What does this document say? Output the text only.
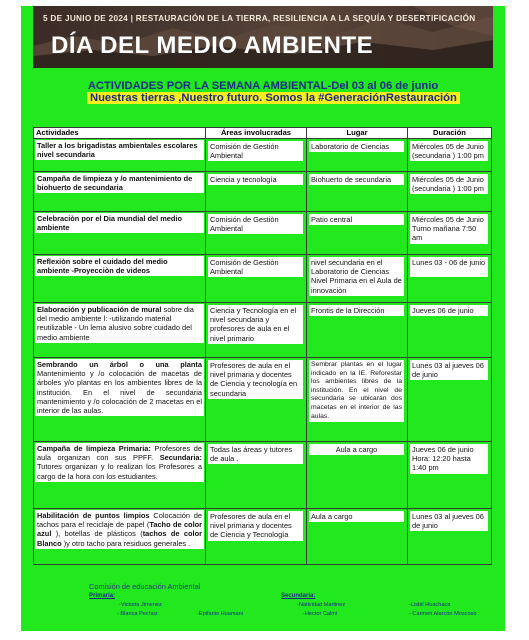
5 DE JUNIO DE 2024 | RESTAURACIÓN DE LA TIERRA, RESILIENCIA A LA SEQUÍA Y DESERTIFICACIÓN
DÍA DEL MEDIO AMBIENTE
ACTIVIDADES POR LA SEMANA AMBIENTAL-Del 03 al 06 de junio
Nuestras tierras ,Nuestro futuro. Somos la #GeneraciónRestauración
Actividades	Áreas involucradas	Lugar	Duración

Taller a los brigadistas ambientales escolares nivel secundaria	Comisión de Gestión Ambiental	Laboratorio de Ciencias	Miércoles 05 de Junio (secundaria ) 1:00 pm

Campaña de limpieza y /o mantenimiento de biohuerto de secundaria	Ciencia y tecnología	Biohuerto de secundaria	Miércoles 05 de Junio (secundaria ) 1:00 pm

Celebraciòn por el Dia mundial del medio ambiente	Comisión de Gestiòn Ambiental	Patio central	Miércoles 05 de Junio Turno mañana 7:50 am

Reflexiòn sobre el cuidado del medio ambiente -Proyecciòn de videos	Comisión de Gestiòn Ambiental	nivel secundaria en el Laboratorio de Ciencias Nivel Primaria en el Aula de innovaciòn	Lunes 03 - 06 de junio

Elaboración y publicación de mural sobre dia del medio ambiente l: -utilizando material reutilizable - Un lema alusivo sobre cuidado del medio ambiente	Ciencia y Tecnología en el nivel secundaria y profesores de aula en el nivel primario	Frontis de la Dirección	Jueves 06 de junio

Sembrando un árbol o una planta Mantenimiento y /o colocación de macetas de árboles y/o plantas en los ambientes libres de la institución. En el nivel de secundaria mantenimiento y /o colocación de 2 macetas en el interior de las aulas.	Profesores de aula en el nivel primaria y docentes de Ciencia y tecnología en secundaria	Sembrar plantas en el lugar indicado en la IE. Reforestar los ambientes libres de la institución. En el nivel de secundaria se ubicarán dos macetas en el interior de las aulas.	Lunes 03 al jueves 06 de junio

Campaña de limpieza Primaria: Profesores de aula organizan con sus PPFF. Secundaria: Tutores organizan y lo realizan los Profesores a cargo de la hora con los estudiantes.	Todas las áreas y tutores de aula .	Aula a cargo	Jueves 06 de junio Hora: 12:20 hasta 1:40 pm

Habilitación de puntos limpios Colocación de tachos para el reciclaje de papel (Tacho de color azul ), botellas de plásticos (tachos de color Blanco )y otro tacho para residuos generales .	Profesores de aula en el nivel primaria y docentes de Ciencia y Tecnología	Aula a cargo	Lunes 03 al jueves 06 de junio
Comisión de educación Ambiental
Primaria:	Secundaria:
-Victoria Jimenez
- Blanca Pechoz	-Epifanio Huamani
-Natividad Martinez
-Hector Calmi
-Lisbil Huachaca
- Carmen Alarcón Moscoso
